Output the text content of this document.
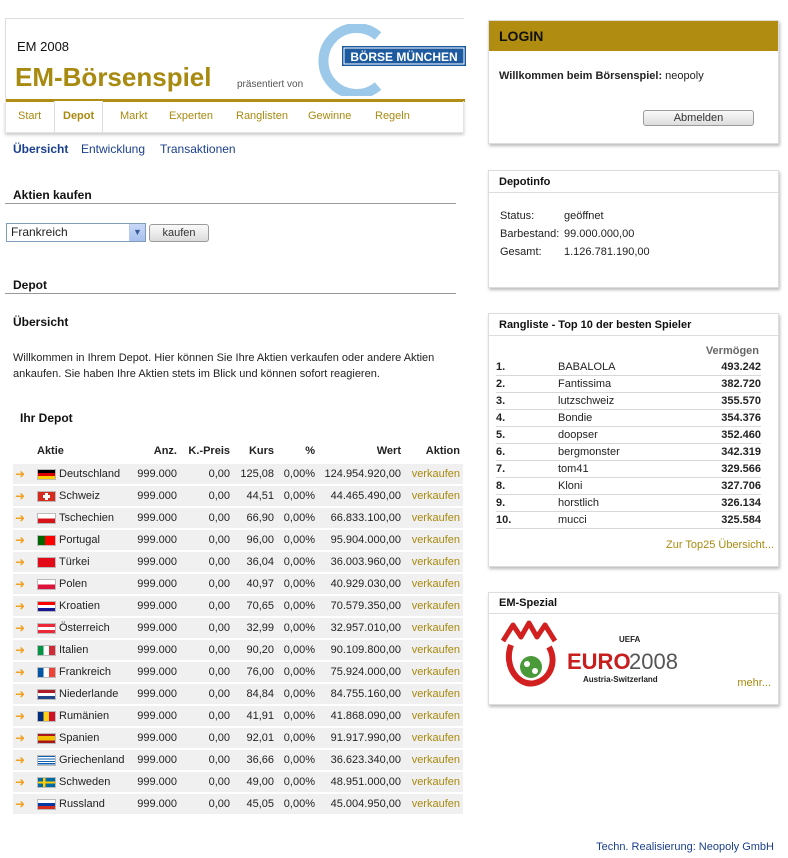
EM 2008
EM-Börsenspiel	präsentiert von
BÖRSE MÜNCHEN
Start	Depot	Markt	Experten	Ranglisten	Gewinne	Regeln
Übersicht Entwicklung Transaktionen
Aktien kaufen
Frankreich	▼	kaufen
Depot
Übersicht
Willkommen in Ihrem Depot. Hier können Sie Ihre Aktien verkaufen oder andere Aktien
ankaufen. Sie haben Ihre Aktien stets im Blick und können sofort reagieren.
Ihr Depot
Aktie	Anz. K.-Preis Kurs	%	Wert Aktion
➜	Deutschland 999.000	0,00 125,08 0,00% 124.954.920,00 verkaufen
➜	Schweiz	999.000	0,00 44,51 0,00% 44.465.490,00 verkaufen
➜	Tschechien 999.000	0,00 66,90 0,00% 66.833.100,00 verkaufen
➜	Portugal	999.000	0,00 96,00 0,00% 95.904.000,00 verkaufen
➜	Türkei	999.000	0,00 36,04 0,00% 36.003.960,00 verkaufen
➜	Polen	999.000	0,00 40,97 0,00% 40.929.030,00 verkaufen
➜	Kroatien	999.000	0,00 70,65 0,00% 70.579.350,00 verkaufen
➜	Österreich 999.000	0,00 32,99 0,00% 32.957.010,00 verkaufen
➜	Italien	999.000	0,00 90,20 0,00% 90.109.800,00 verkaufen
➜	Frankreich 999.000	0,00 76,00 0,00% 75.924.000,00 verkaufen
➜	Niederlande 999.000	0,00 84,84 0,00% 84.755.160,00 verkaufen
➜	Rumänien	999.000	0,00 41,91 0,00% 41.868.090,00 verkaufen
➜	Spanien	999.000	0,00 92,01 0,00% 91.917.990,00 verkaufen
➜	Griechenland 999.000	0,00 36,66 0,00% 36.623.340,00 verkaufen
➜	Schweden 999.000	0,00 49,00 0,00% 48.951.000,00 verkaufen
➜	Russland	999.000	0,00 45,05 0,00% 45.004.950,00 verkaufen
LOGIN
Willkommen beim Börsenspiel: neopoly
Abmelden
Depotinfo
Status:	geöffnet
Barbestand: 99.000.000,00
Gesamt: 1.126.781.190,00
Rangliste - Top 10 der besten Spieler
Vermögen
1.	BABALOLA	493.242
2.	Fantissima	382.720
3.	lutzschweiz	355.570
4.	Bondie	354.376
5.	doopser	352.460
6.	bergmonster	342.319
7.	tom41	329.566
8.	Kloni	327.706
9.	horstlich	326.134
10.	mucci	325.584
Zur Top25 Übersicht...
EM-Spezial
UEFA
EURO
2008
Austria-Switzerland	mehr...
Techn. Realisierung: Neopoly GmbH
